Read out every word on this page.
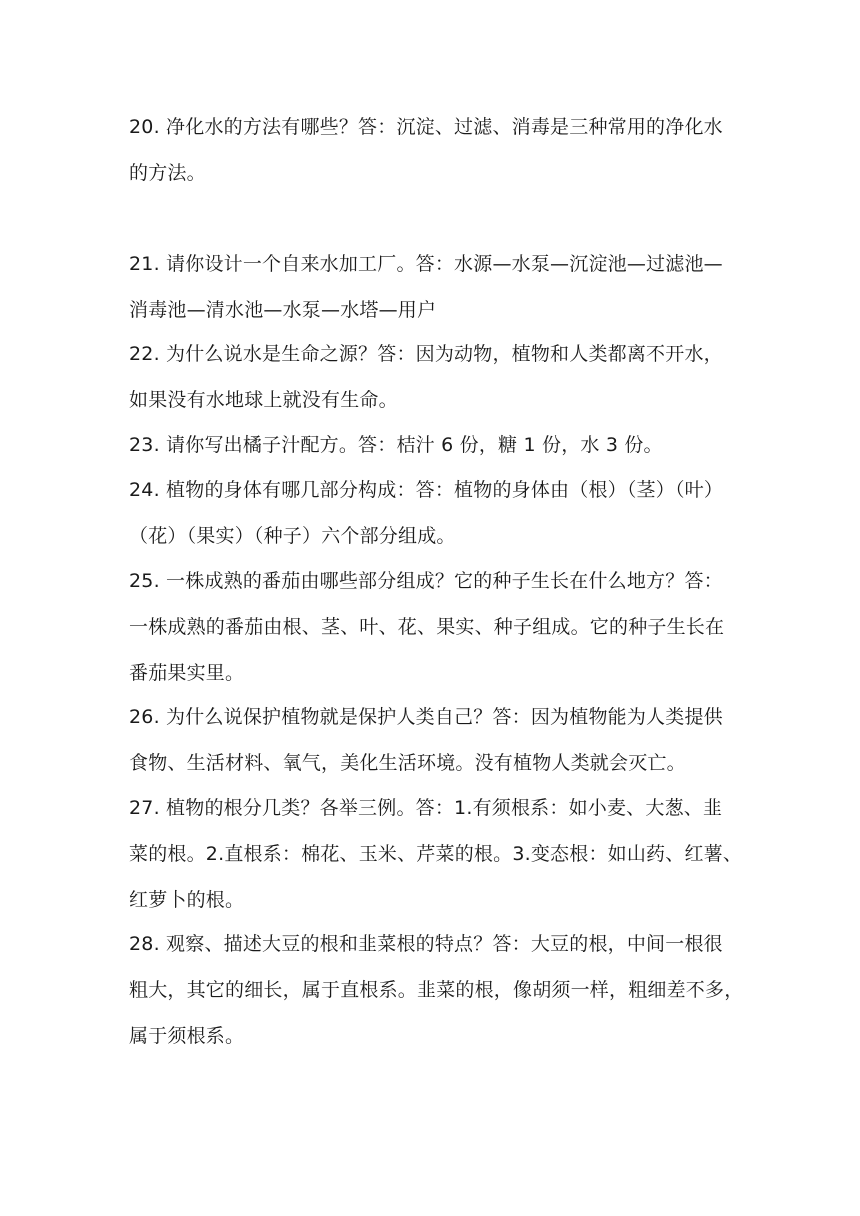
20. 净化水的方法有哪些？答：沉淀、过滤、消毒是三种常用的净化水
的方法。
21. 请你设计一个自来水加工厂。答：水源—水泵—沉淀池—过滤池—
消毒池—清水池—水泵—水塔—用户
22. 为什么说水是生命之源？答：因为动物，植物和人类都离不开水，
如果没有水地球上就没有生命。
23. 请你写出橘子汁配方。答：桔汁 6 份，糖 1 份，水 3 份。
24. 植物的身体有哪几部分构成：答：植物的身体由（根）（茎）（叶）
（花）（果实）（种子）六个部分组成。
25. 一株成熟的番茄由哪些部分组成？它的种子生长在什么地方？答：
一株成熟的番茄由根、茎、叶、花、果实、种子组成。它的种子生长在
番茄果实里。
26. 为什么说保护植物就是保护人类自己？答：因为植物能为人类提供
食物、生活材料、氧气，美化生活环境。没有植物人类就会灭亡。
27. 植物的根分几类？各举三例。答：1.有须根系：如小麦、大葱、韭
菜的根。2.直根系：棉花、玉米、芹菜的根。3.变态根：如山药、红薯、
红萝卜的根。
28. 观察、描述大豆的根和韭菜根的特点？答：大豆的根，中间一根很
粗大，其它的细长，属于直根系。韭菜的根，像胡须一样，粗细差不多，
属于须根系。
